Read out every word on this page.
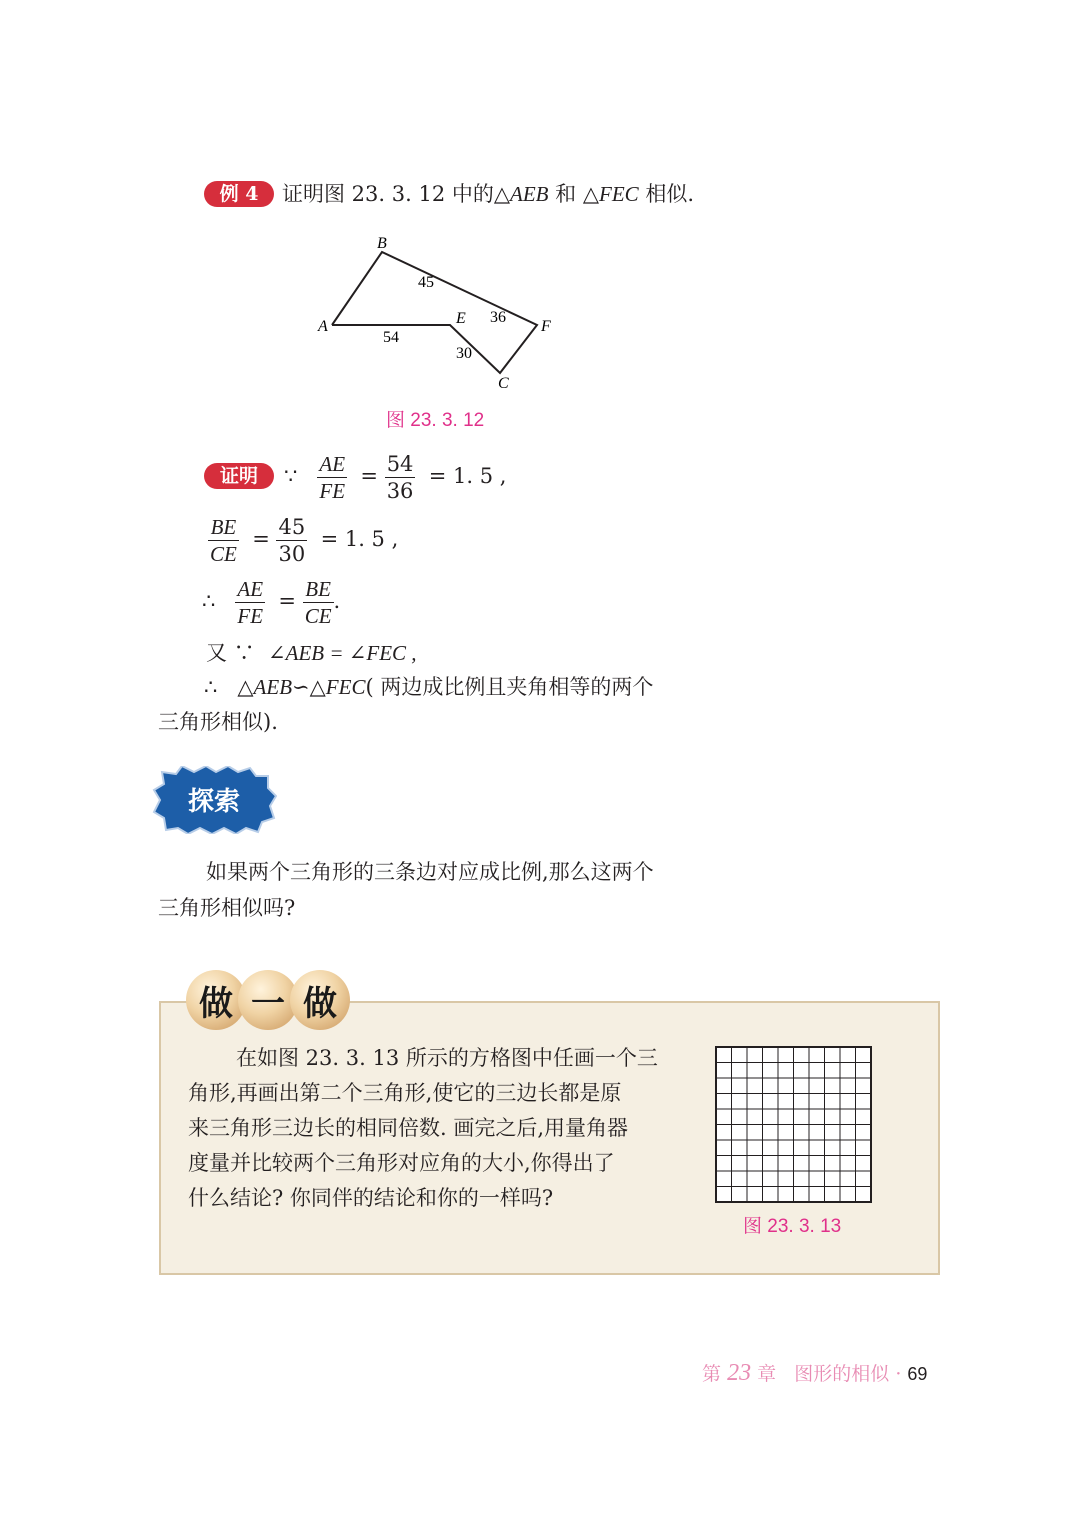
例 4	证明图 23. 3. 12 中的△AEB 和 △FEC 相似.
B
A	E	F
C
45
54
36
30
图 23. 3. 12
证明	∵ $\frac{AE}{FE} = \frac{54}{36} = 1$. 5 ,
$\frac{BE}{CE} = \frac{45}{30} = 1$. 5 ,
∴ $\frac{AE}{FE} = \frac{BE}{CE}$ .
又 ∵  ∠AEB = ∠FEC ,
∴ △AEB∽△FEC( 两边成比例且夹角相等的两个
三角形相似).
探索
如果两个三角形的三条边对应成比例,那么这两个
三角形相似吗?
做 一 做
在如图 23. 3. 13 所示的方格图中任画一个三
角形,再画出第二个三角形,使它的三边长都是原
来三角形三边长的相同倍数. 画完之后,用量角器
度量并比较两个三角形对应角的大小,你得出了
什么结论? 你同伴的结论和你的一样吗?
图 23. 3. 13
第 23 章 图形的相似 · 69
